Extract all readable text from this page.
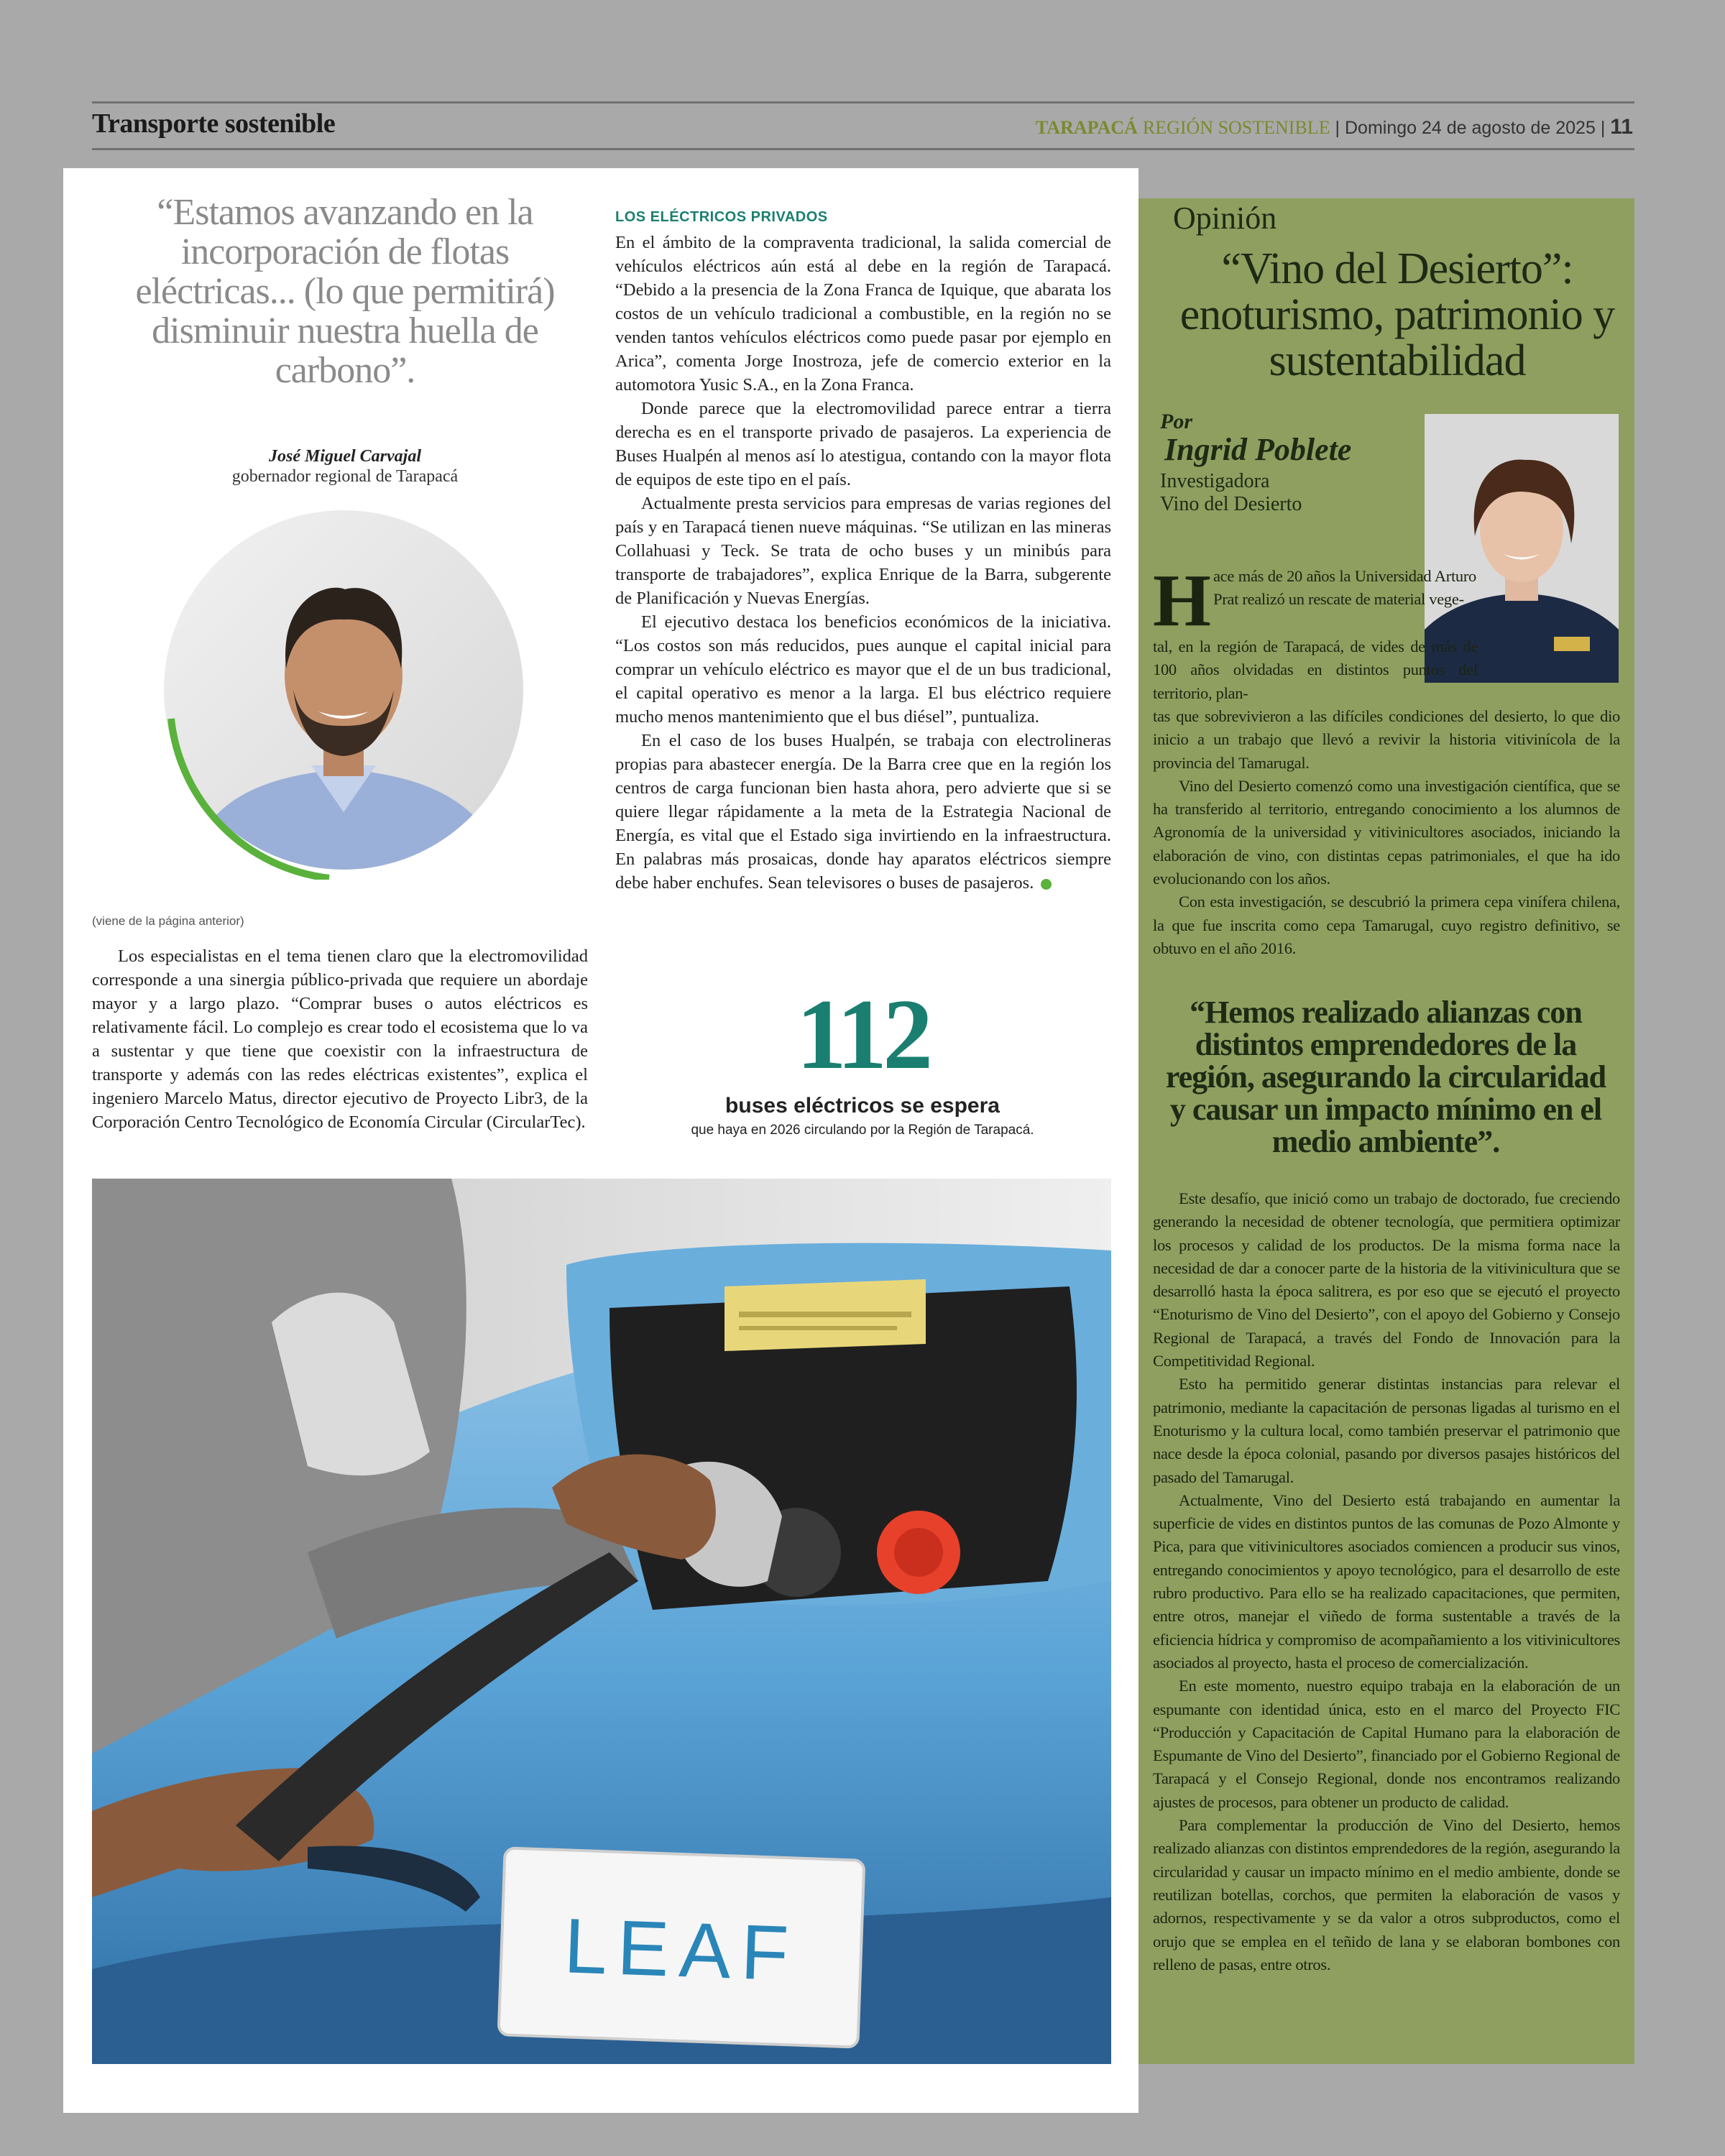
Transporte sostenible	TARAPACÁ REGIÓN SOSTENIBLE | Domingo 24 de agosto de 2025 | 11
“Estamos avanzando en la incorporación de flotas eléctricas... (lo que permitirá) disminuir nuestra huella de carbono”.
José Miguel Carvajal
gobernador regional de Tarapacá
(viene de la página anterior)

Los especialistas en el tema tienen claro que la electromovilidad corresponde a una sinergia público-privada que requiere un abordaje mayor y a largo plazo. “Comprar buses o autos eléctricos es relativamente fácil. Lo complejo es crear todo el ecosistema que lo va a sustentar y que tiene que coexistir con la infraestructura de transporte y además con las redes eléctricas existentes”, explica el ingeniero Marcelo Matus, director ejecutivo de Proyecto Libr3, de la Corporación Centro Tecnológico de Economía Circular (CircularTec).

LOS ELÉCTRICOS PRIVADOS

En el ámbito de la compraventa tradicional, la salida comercial de vehículos eléctricos aún está al debe en la región de Tarapacá. “Debido a la presencia de la Zona Franca de Iquique, que abarata los costos de un vehículo tradicional a combustible, en la región no se venden tantos vehículos eléctricos como puede pasar por ejemplo en Arica”, comenta Jorge Inostroza, jefe de comercio exterior en la automotora Yusic S.A., en la Zona Franca.

Donde parece que la electromovilidad parece entrar a tierra derecha es en el transporte privado de pasajeros. La experiencia de Buses Hualpén al menos así lo atestigua, contando con la mayor flota de equipos de este tipo en el país.

Actualmente presta servicios para empresas de varias regiones del país y en Tarapacá tienen nueve máquinas. “Se utilizan en las mineras Collahuasi y Teck. Se trata de ocho buses y un minibús para transporte de trabajadores”, explica Enrique de la Barra, subgerente de Planificación y Nuevas Energías.

El ejecutivo destaca los beneficios económicos de la iniciativa. “Los costos son más reducidos, pues aunque el capital inicial para comprar un vehículo eléctrico es mayor que el de un bus tradicional, el capital operativo es menor a la larga. El bus eléctrico requiere mucho menos mantenimiento que el bus diésel”, puntualiza.

En el caso de los buses Hualpén, se trabaja con electrolineras propias para abastecer energía. De la Barra cree que en la región los centros de carga funcionan bien hasta ahora, pero advierte que si se quiere llegar rápidamente a la meta de la Estrategia Nacional de Energía, es vital que el Estado siga invirtiendo en la infraestructura. En palabras más prosaicas, donde hay aparatos eléctricos siempre debe haber enchufes. Sean televisores o buses de pasajeros.

112
buses eléctricos se espera
que haya en 2026 circulando por la Región de Tarapacá.
LEAF
Opinión
“Vino del Desierto”: enoturismo, patrimonio y sustentabilidad
Por
Ingrid Poblete
Investigadora
Vino del Desierto
H ace más de 20 años la Universidad Arturo Prat realizó un rescate de material vege-

tal, en la región de Tarapacá, de vides de más de 100 años olvidadas en distintos puntos del territorio, plan-

tas que sobrevivieron a las difíciles condiciones del desierto, lo que dio inicio a un trabajo que llevó a revivir la historia vitivinícola de la provincia del Tamarugal.

Vino del Desierto comenzó como una investigación científica, que se ha transferido al territorio, entregando conocimiento a los alumnos de Agronomía de la universidad y vitivinicultores asociados, iniciando la elaboración de vino, con distintas cepas patrimoniales, el que ha ido evolucionando con los años.

Con esta investigación, se descubrió la primera cepa vinífera chilena, la que fue inscrita como cepa Tamarugal, cuyo registro definitivo, se obtuvo en el año 2016.

“Hemos realizado alianzas con distintos emprendedores de la región, asegurando la circularidad y causar un impacto mínimo en el medio ambiente”.

Este desafío, que inició como un trabajo de doctorado, fue creciendo generando la necesidad de obtener tecnología, que permitiera optimizar los procesos y calidad de los productos. De la misma forma nace la necesidad de dar a conocer parte de la historia de la vitivinicultura que se desarrolló hasta la época salitrera, es por eso que se ejecutó el proyecto “Enoturismo de Vino del Desierto”, con el apoyo del Gobierno y Consejo Regional de Tarapacá, a través del Fondo de Innovación para la Competitividad Regional.

Esto ha permitido generar distintas instancias para relevar el patrimonio, mediante la capacitación de personas ligadas al turismo en el Enoturismo y la cultura local, como también preservar el patrimonio que nace desde la época colonial, pasando por diversos pasajes históricos del pasado del Tamarugal.

Actualmente, Vino del Desierto está trabajando en aumentar la superficie de vides en distintos puntos de las comunas de Pozo Almonte y Pica, para que vitivinicultores asociados comiencen a producir sus vinos, entregando conocimientos y apoyo tecnológico, para el desarrollo de este rubro productivo. Para ello se ha realizado capacitaciones, que permiten, entre otros, manejar el viñedo de forma sustentable a través de la eficiencia hídrica y compromiso de acompañamiento a los vitivinicultores asociados al proyecto, hasta el proceso de comercialización.

En este momento, nuestro equipo trabaja en la elaboración de un espumante con identidad única, esto en el marco del Proyecto FIC “Producción y Capacitación de Capital Humano para la elaboración de Espumante de Vino del Desierto”, financiado por el Gobierno Regional de Tarapacá y el Consejo Regional, donde nos encontramos realizando ajustes de procesos, para obtener un producto de calidad.

Para complementar la producción de Vino del Desierto, hemos realizado alianzas con distintos emprendedores de la región, asegurando la circularidad y causar un impacto mínimo en el medio ambiente, donde se reutilizan botellas, corchos, que permiten la elaboración de vasos y adornos, respectivamente y se da valor a otros subproductos, como el orujo que se emplea en el teñido de lana y se elaboran bombones con relleno de pasas, entre otros.
